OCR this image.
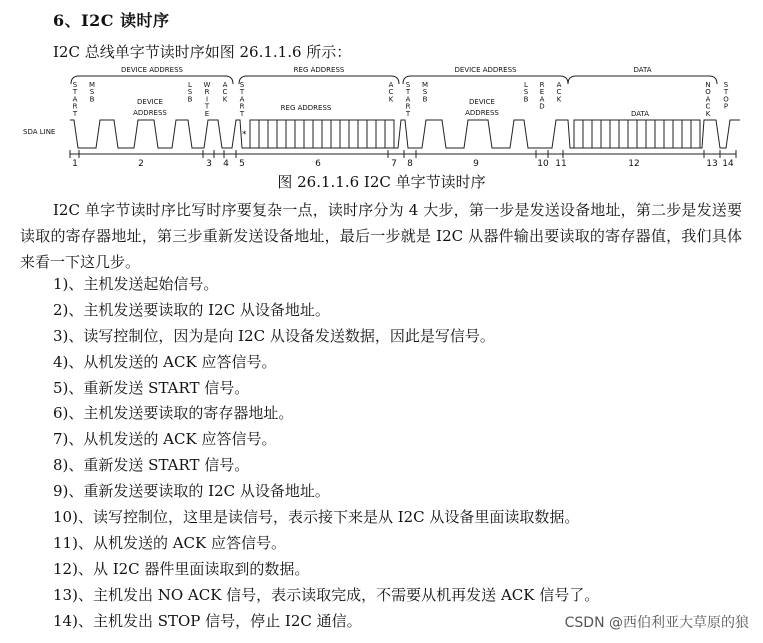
6、I2C 读时序
I2C 总线单字节读时序如图 26.1.1.6 所示：
DEVICE ADDRESS	REG ADDRESS	DEVICE ADDRESS	DATA
S
T
A
R
T
M
S
B
L
S
B
W
R
I
T
E
A
C
K
S
T
A
R
T
A
C
K
S
T
A
R
T
M
S
B
L
S
B
R
E
A
D
A
C
K
N
O
A
C
K
S
T
O
P
DEVICE
ADDRESS
REG ADDRESS
DEVICE
ADDRESS	DATA
SDA LINE	*
1	2	3 4 5	6	7 8	9	10 11	12	13 14
图 26.1.1.6 I2C 单字节读时序
I2C 单字节读时序比写时序要复杂一点，读时序分为 4 大步，第一步是发送设备地址，第二步是发送要读取的寄存器地址，第三步重新发送设备地址，最后一步就是 I2C 从器件输出要读取的寄存器值，我们具体来看一下这几步。
1)、主机发送起始信号。
2)、主机发送要读取的 I2C 从设备地址。
3)、读写控制位，因为是向 I2C 从设备发送数据，因此是写信号。
4)、从机发送的 ACK 应答信号。
5)、重新发送 START 信号。
6)、主机发送要读取的寄存器地址。
7)、从机发送的 ACK 应答信号。
8)、重新发送 START 信号。
9)、重新发送要读取的 I2C 从设备地址。
10)、读写控制位，这里是读信号，表示接下来是从 I2C 从设备里面读取数据。
11)、从机发送的 ACK 应答信号。
12)、从 I2C 器件里面读取到的数据。
13)、主机发出 NO ACK 信号，表示读取完成，不需要从机再发送 ACK 信号了。
14)、主机发出 STOP 信号，停止 I2C 通信。	CSDN @西伯利亚大草原的狼
